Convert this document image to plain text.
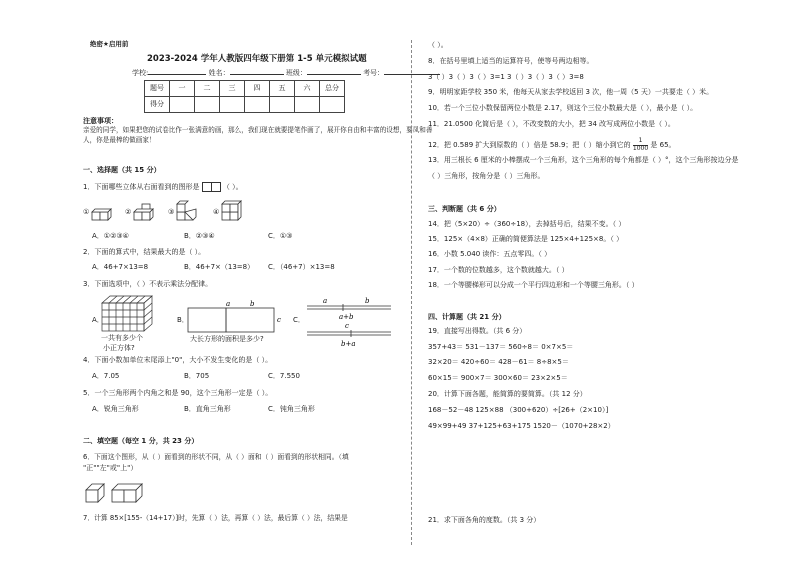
绝密★启用前
2023-2024 学年人教版四年级下册第 1-5 单元模拟试题
学校:	姓名：	班级：	考号：
题号	一	二	三	四	五	六	总分
得分							
注意事项：
亲爱的同学，如果把您的试卷比作一张满意的画，那么，我们现在就要提笔作画了，展开你自由和丰富的设想，要凤和善
人，你是最棒的做画家！
一、选择题（共 15 分）
1．下面哪些立体从右面看到的图形是	（ ）。
①	②	③	④
A．①②③④	B．②③④	C．①③
2．下面的算式中，结果最大的是（ ）。
A．46+7×13=8	B．46+7×（13=8） C．（46+7）×13=8
3．下面选项中，（ ）不表示乘法分配律。
A．
一共有多少个
小正方体?
B．
a	b
c
大长方形的面积是多少?
C．
a	b
a+b
c
b+a
4．下面小数加单位末尾添上"0"，大小不发生变化的是（ ）。
A．7.05	B．705	C．7.550
5．一个三角形两个内角之和是 90，这个三角形一定是（ ）。
A．锐角三角形	B．直角三角形	C．钝角三角形
二、填空题（每空 1 分，共 23 分）
6．下面这个图形，从（ ）面看到的形状不同，从（ ）面和（ ）面看到的形状相同。（填
"正""左"或"上"）
7．计算 85×[155-（14+17）]时，先算（ ）法，再算（ ）法，最后算（ ）法，结果是
（ ）。
8．在括号里填上适当的运算符号，使等号两边相等。
3（ ）3（ ）3（ ）3=1 3（ ）3（ ）3（ ）3=8
9．明明家距学校 350 米，他每天从家去学校返回 3 次，他一周（5 天）一共要走（ ）米。
10．若一个三位小数保留两位小数是 2.17，则这个三位小数最大是（ ），最小是（ ）。
11．21.0500 化简后是（ ），不改变数的大小，把 34 改写成两位小数是（ ）。
12．把 0.589 扩大到原数的（ ）倍是 58.9；把（ ）缩小到它的 $\frac{1}{1000}$ 是 65。
13．用三根长 6 厘米的小棒摆成一个三角形，这个三角形的每个角都是（ ）°，这个三角形按边分是
（ ）三角形，按角分是（ ）三角形。
三、判断题（共 6 分）
14．把（5×20）÷（360÷18），去掉括号后，结果不变。（ ）
15．125×（4×8）正确的简便算法是 125×4+125×8。（ ）
16．小数 5.040 读作：五点零四。（ ）
17．一个数的位数越多，这个数就越大。（ ）
18．一个等腰梯形可以分成一个平行四边形和一个等腰三角形。（ ）
四、计算题（共 21 分）
19．直接写出得数。（共 6 分）
357+43＝ 531－137＝ 560÷8＝ 0×7×5＝
32×20＝ 420÷60＝ 428－61＝ 8÷8×5＝
60×15＝ 900×7＝ 300×60＝ 23×2×5＝
20．计算下面各题，能简算的要简算。（共 12 分）
168－52－48 125×88 （300+620）÷[26+（2×10）]
49×99+49 37+125+63+175 1520－（1070+28×2）
21．求下面各角的度数。（共 3 分）
